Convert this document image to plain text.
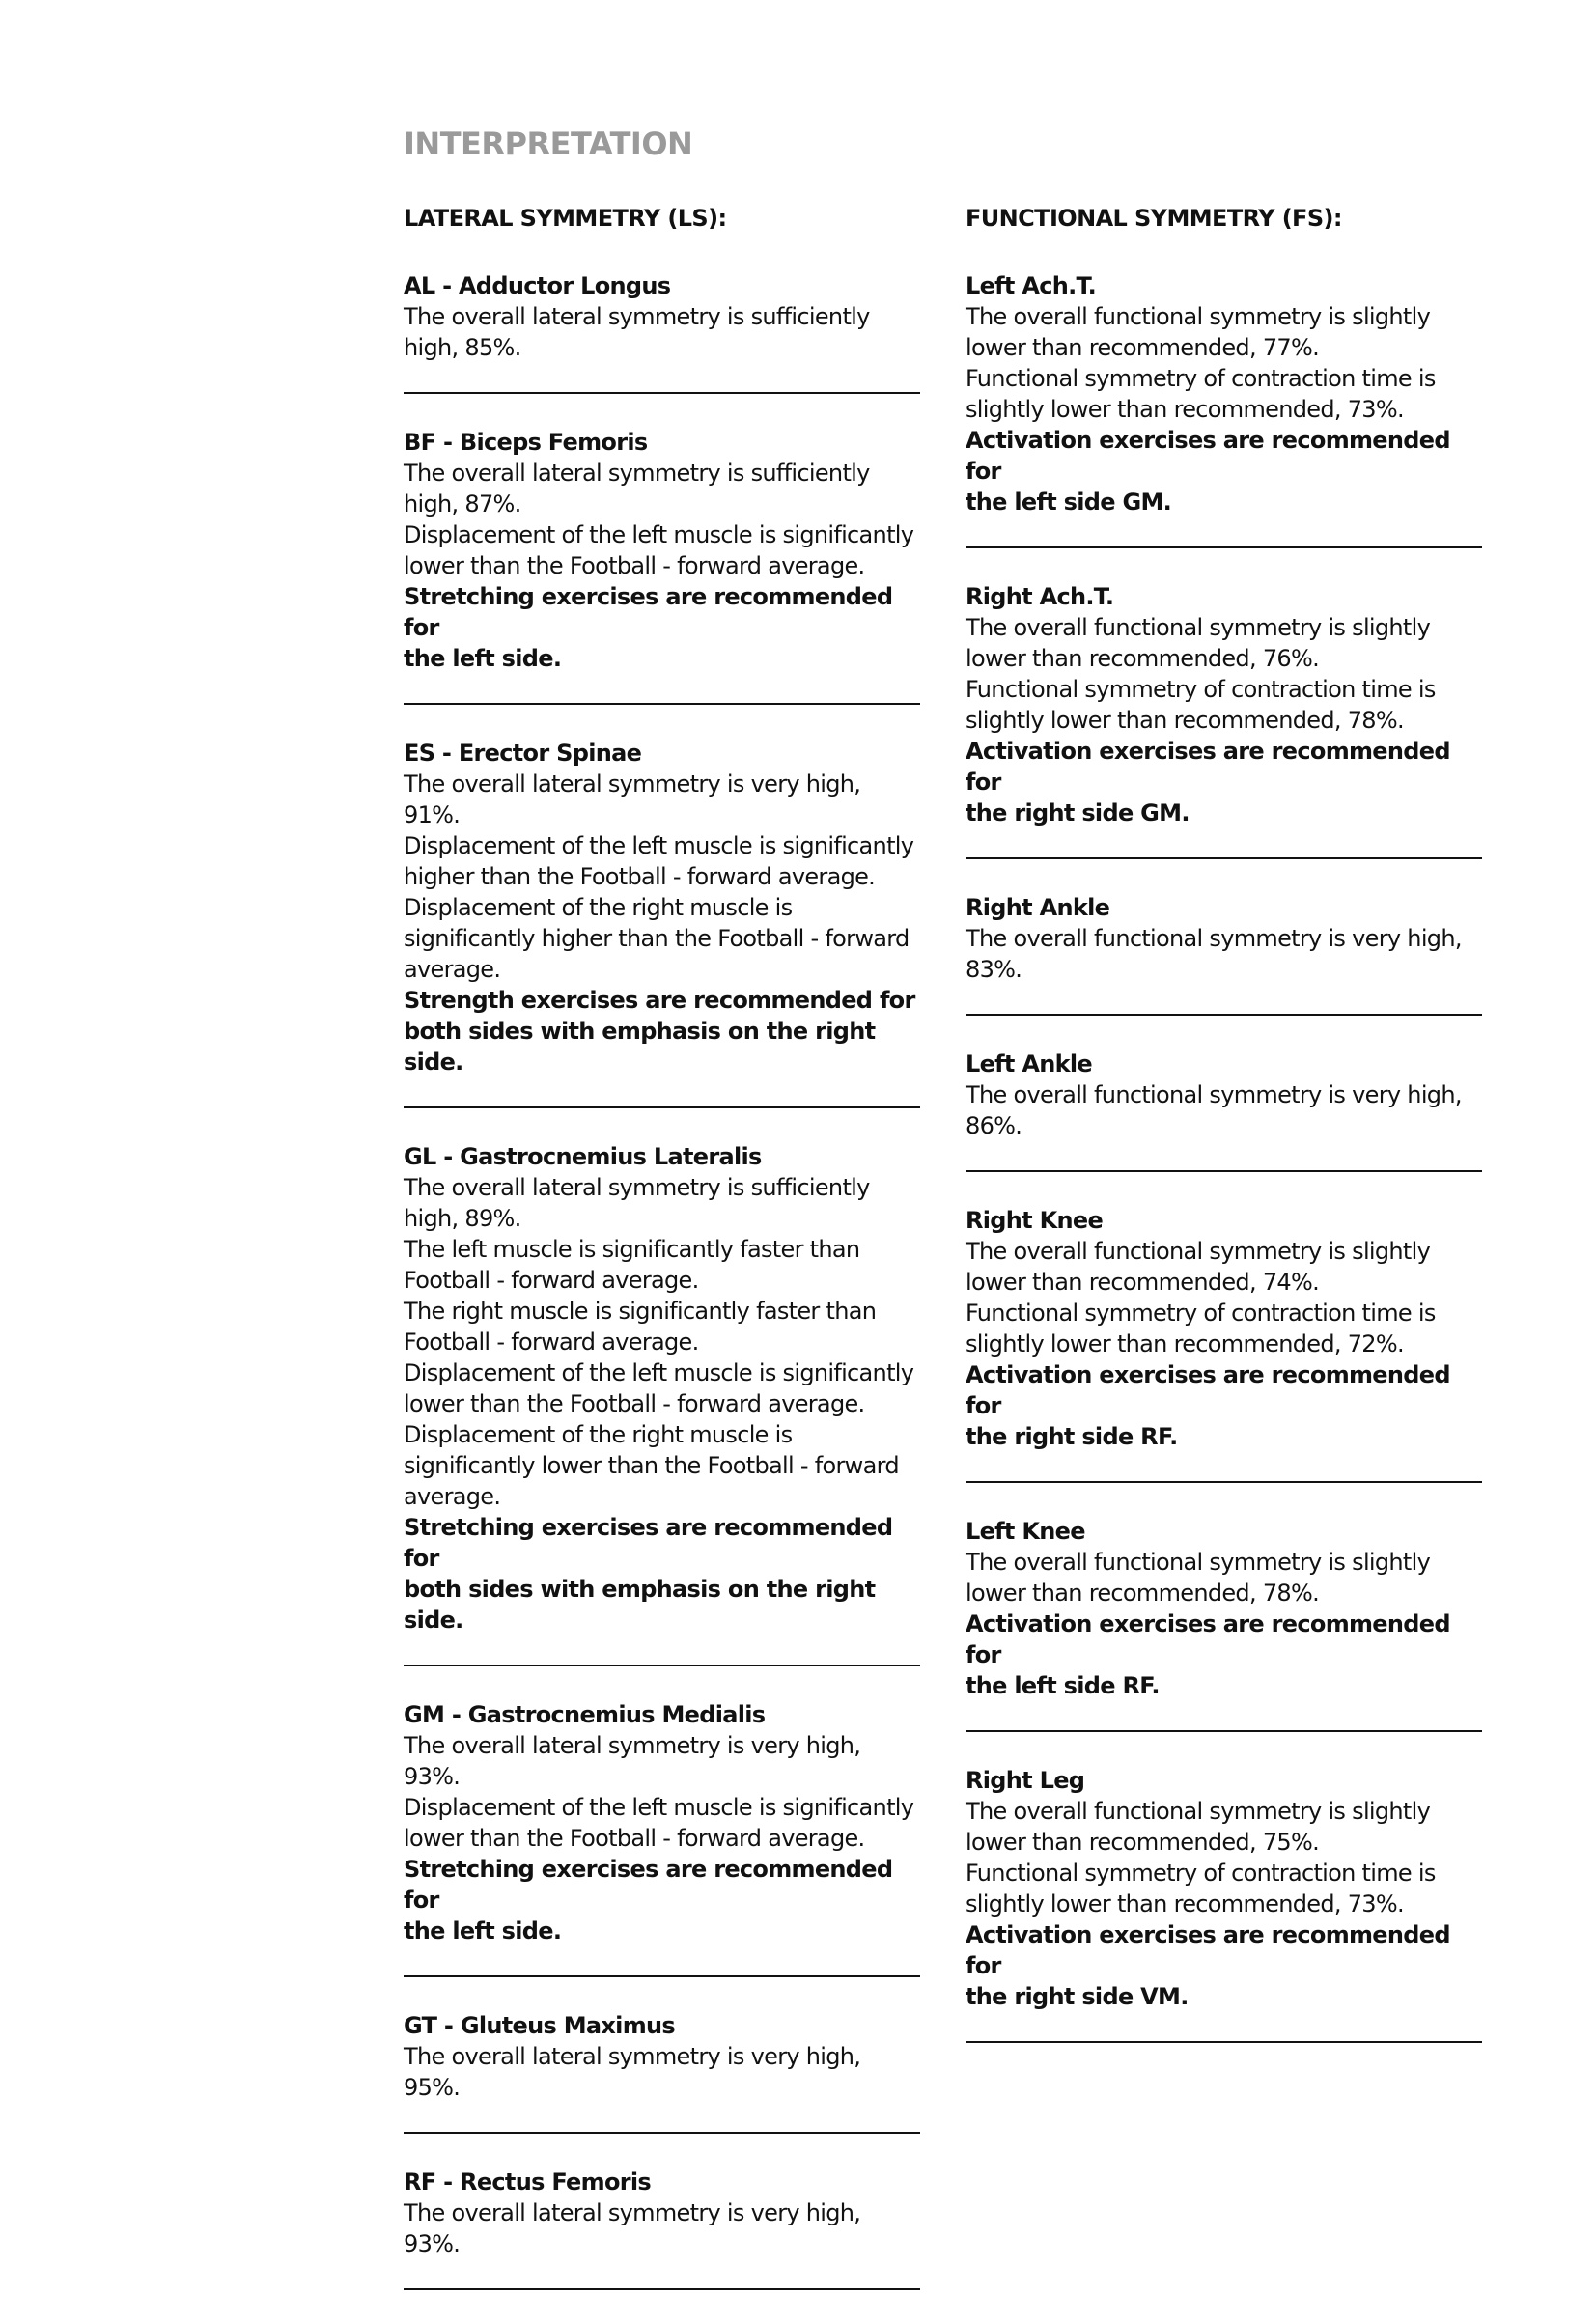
INTERPRETATION
LATERAL SYMMETRY (LS):
AL - Adductor Longus
The overall lateral symmetry is sufficiently
high, 85%.
BF - Biceps Femoris
The overall lateral symmetry is sufficiently
high, 87%.
Displacement of the left muscle is significantly
lower than the Football - forward average.
Stretching exercises are recommended for
the left side.
ES - Erector Spinae
The overall lateral symmetry is very high, 91%.
Displacement of the left muscle is significantly
higher than the Football - forward average.
Displacement of the right muscle is
significantly higher than the Football - forward
average.
Strength exercises are recommended for
both sides with emphasis on the right side.
GL - Gastrocnemius Lateralis
The overall lateral symmetry is sufficiently
high, 89%.
The left muscle is significantly faster than
Football - forward average.
The right muscle is significantly faster than
Football - forward average.
Displacement of the left muscle is significantly
lower than the Football - forward average.
Displacement of the right muscle is
significantly lower than the Football - forward
average.
Stretching exercises are recommended for
both sides with emphasis on the right side.
GM - Gastrocnemius Medialis
The overall lateral symmetry is very high, 93%.
Displacement of the left muscle is significantly
lower than the Football - forward average.
Stretching exercises are recommended for
the left side.
GT - Gluteus Maximus
The overall lateral symmetry is very high, 95%.
RF - Rectus Femoris
The overall lateral symmetry is very high, 93%.
FUNCTIONAL SYMMETRY (FS):
Left Ach.T.
The overall functional symmetry is slightly
lower than recommended, 77%.
Functional symmetry of contraction time is
slightly lower than recommended, 73%.
Activation exercises are recommended for
the left side GM.
Right Ach.T.
The overall functional symmetry is slightly
lower than recommended, 76%.
Functional symmetry of contraction time is
slightly lower than recommended, 78%.
Activation exercises are recommended for
the right side GM.
Right Ankle
The overall functional symmetry is very high,
83%.
Left Ankle
The overall functional symmetry is very high,
86%.
Right Knee
The overall functional symmetry is slightly
lower than recommended, 74%.
Functional symmetry of contraction time is
slightly lower than recommended, 72%.
Activation exercises are recommended for
the right side RF.
Left Knee
The overall functional symmetry is slightly
lower than recommended, 78%.
Activation exercises are recommended for
the left side RF.
Right Leg
The overall functional symmetry is slightly
lower than recommended, 75%.
Functional symmetry of contraction time is
slightly lower than recommended, 73%.
Activation exercises are recommended for
the right side VM.
